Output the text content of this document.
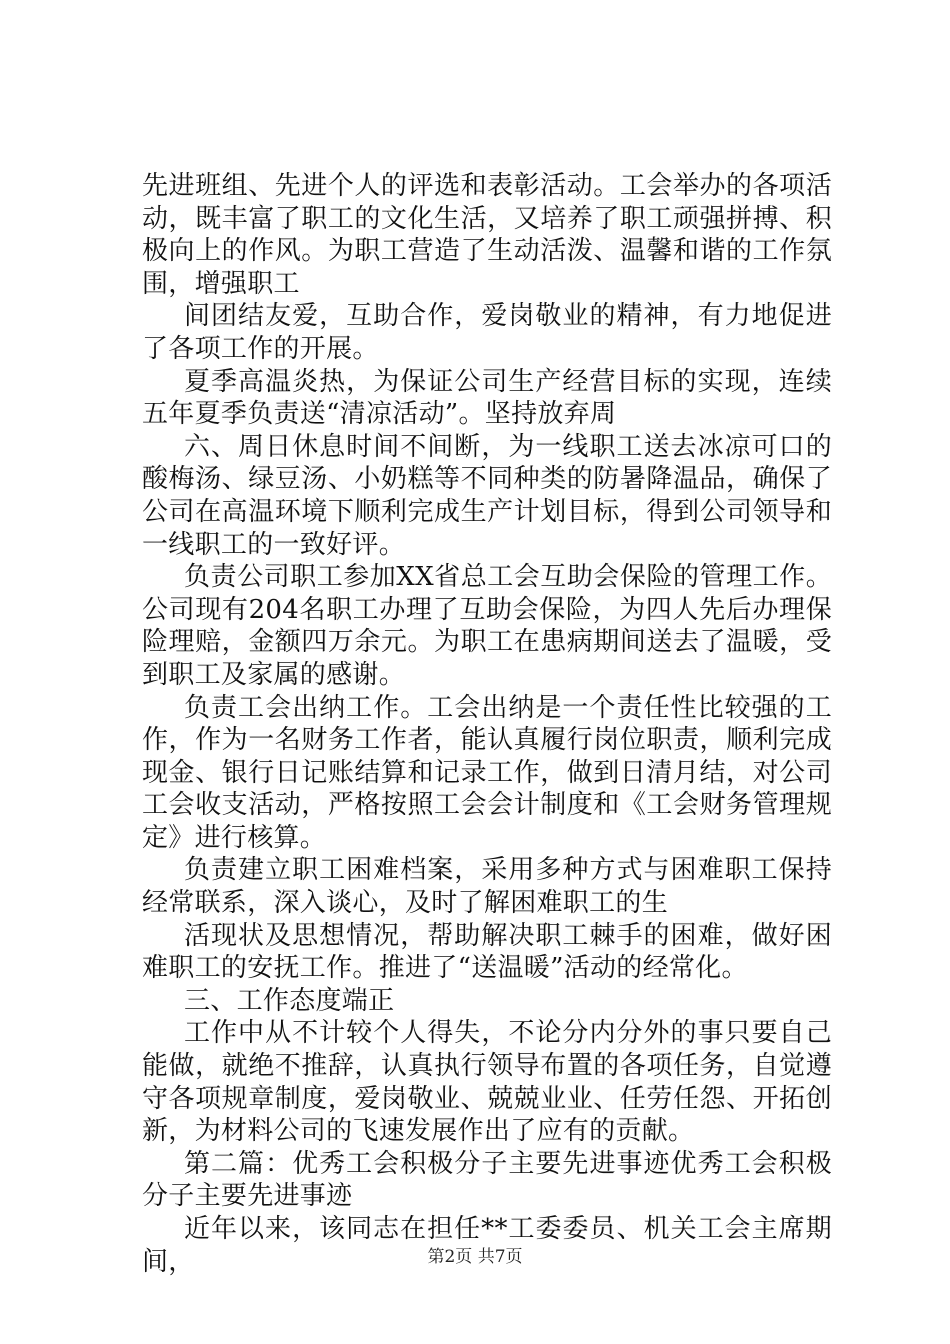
先进班组、先进个人的评选和表彰活动。工会举办的各项活动，既丰富了职工的文化生活，又培养了职工顽强拼搏、积极向上的作风。为职工营造了生动活泼、温馨和谐的工作氛围，增强职工

间团结友爱，互助合作，爱岗敬业的精神，有力地促进了各项工作的开展。

夏季高温炎热，为保证公司生产经营目标的实现，连续五年夏季负责送“清凉活动”。坚持放弃周

六、周日休息时间不间断，为一线职工送去冰凉可口的酸梅汤、绿豆汤、小奶糕等不同种类的防暑降温品，确保了公司在高温环境下顺利完成生产计划目标，得到公司领导和一线职工的一致好评。

负责公司职工参加XX省总工会互助会保险的管理工作。公司现有204名职工办理了互助会保险，为四人先后办理保险理赔，金额四万余元。为职工在患病期间送去了温暖，受到职工及家属的感谢。

负责工会出纳工作。工会出纳是一个责任性比较强的工作，作为一名财务工作者，能认真履行岗位职责，顺利完成现金、银行日记账结算和记录工作，做到日清月结，对公司工会收支活动，严格按照工会会计制度和《工会财务管理规定》进行核算。

负责建立职工困难档案，采用多种方式与困难职工保持经常联系，深入谈心，及时了解困难职工的生

活现状及思想情况，帮助解决职工棘手的困难，做好困难职工的安抚工作。推进了“送温暖”活动的经常化。

三、工作态度端正

工作中从不计较个人得失，不论分内分外的事只要自己能做，就绝不推辞，认真执行领导布置的各项任务，自觉遵守各项规章制度，爱岗敬业、兢兢业业、任劳任怨、开拓创新，为材料公司的飞速发展作出了应有的贡献。

第二篇：优秀工会积极分子主要先进事迹优秀工会积极分子主要先进事迹

近年以来，该同志在担任**工委委员、机关工会主席期间，	第2页 共7页
